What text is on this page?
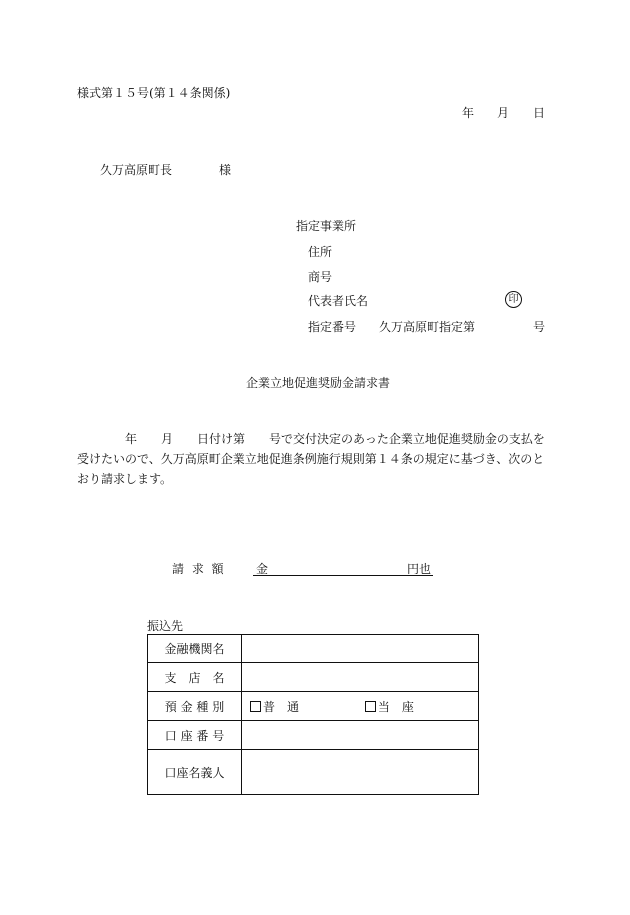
様式第１５号(第１４条関係)
年 月 日
久万高原町長	様
指定事業所
住所
商号
代表者氏名	印
指定番号 久万高原町指定第	号
企業立地促進奨励金請求書
年　　月　　日付け第　　号で交付決定のあった企業立地促進奨励金の支払を受けたいので、久万高原町企業立地促進条例施行規則第１４条の規定に基づき、次のとおり請求します。
請 求 額	金	円也
振込先
金融機関名	
支　店　名	
預 金 種 別	普　通 当　座
口 座 番 号	
口座名義人	
